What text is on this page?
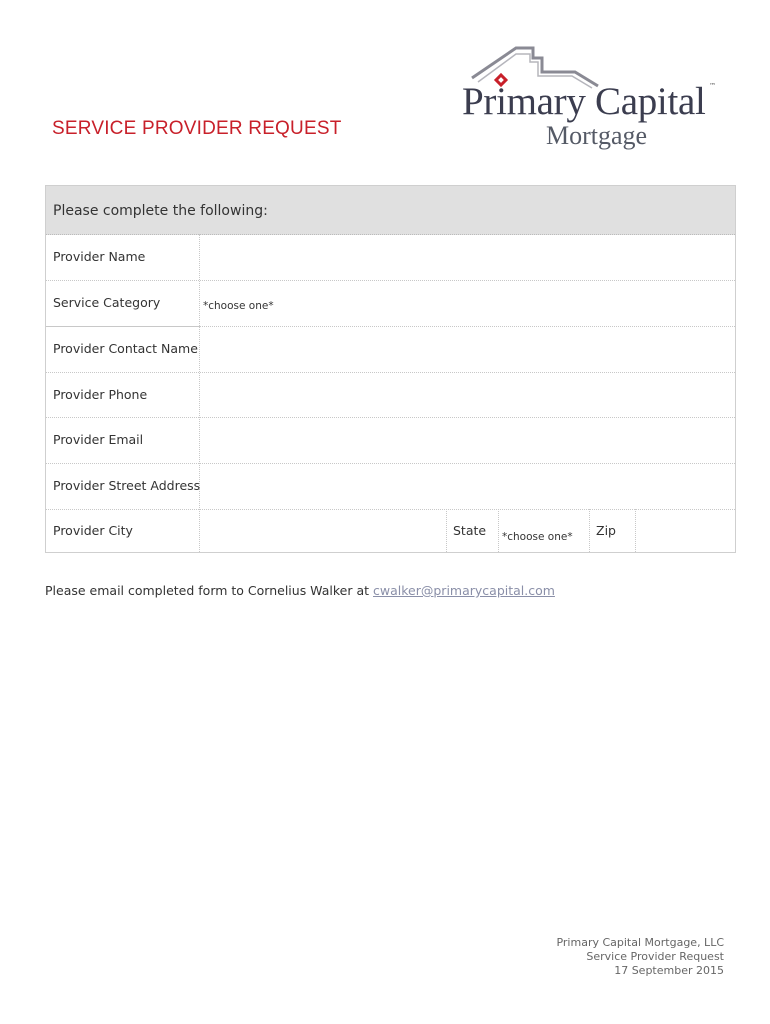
SERVICE PROVIDER REQUEST
Primary Capital ™
Mortgage
Please complete the following:
Provider Name
Service Category	*choose one*
Provider Contact Name
Provider Phone
Provider Email
Provider Street Address
Provider City	State *choose one* Zip
Please email completed form to Cornelius Walker at cwalker@primarycapital.com
Primary Capital Mortgage, LLC
Service Provider Request
17 September 2015
